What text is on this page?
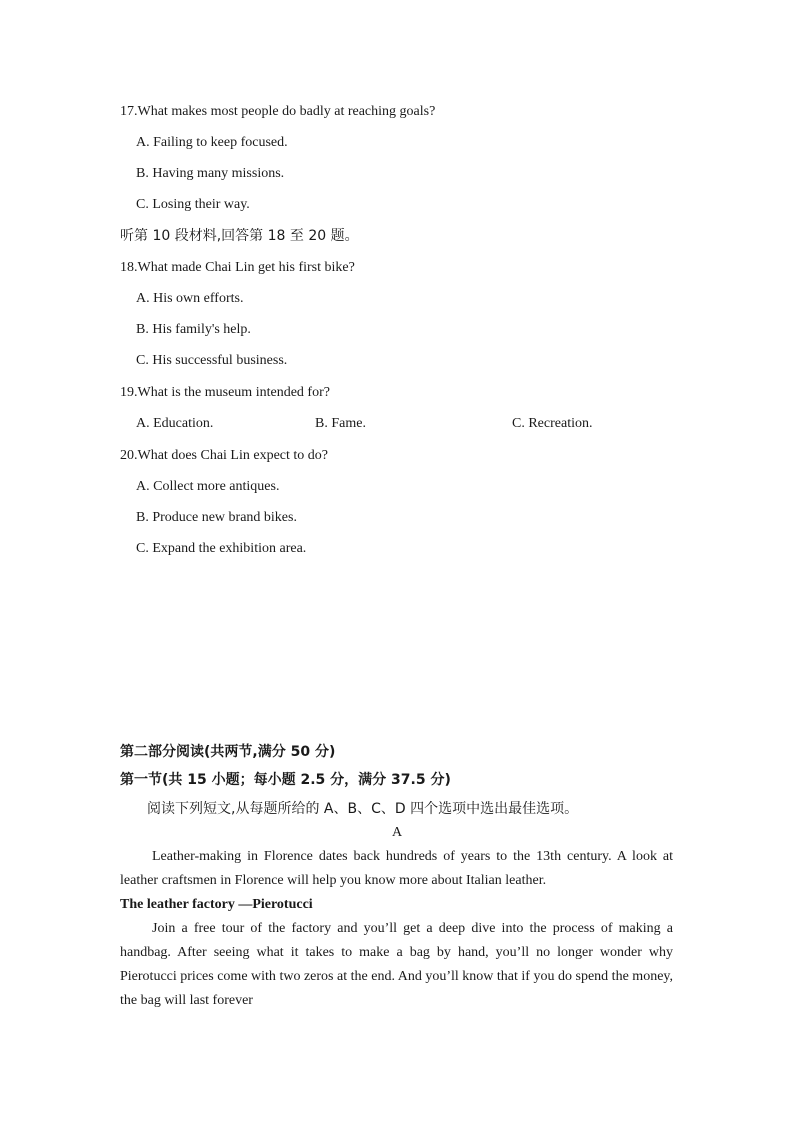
17.What makes most people do badly at reaching goals?
A. Failing to keep focused.
B. Having many missions.
C. Losing their way.
听第 10 段材料,回答第 18 至 20 题。
18.What made Chai Lin get his first bike?
A. His own efforts.
B. His family's help.
C. His successful business.
19.What is the museum intended for?
A. Education.	B. Fame.	C. Recreation.
20.What does Chai Lin expect to do?
A. Collect more antiques.
B. Produce new brand bikes.
C. Expand the exhibition area.
第二部分阅读(共两节,满分 50 分)
第一节(共 15 小题；每小题 2.5 分，满分 37.5 分)
阅读下列短文,从每题所给的 A、B、C、D 四个选项中选出最佳选项。
A
Leather-making in Florence dates back hundreds of years to the 13th century. A look at leather craftsmen in Florence will help you know more about Italian leather.
The leather factory —Pierotucci
Join a free tour of the factory and you’ll get a deep dive into the process of making a handbag. After seeing what it takes to make a bag by hand, you’ll no longer wonder why Pierotucci prices come with two zeros at the end. And you’ll know that if you do spend the money, the bag will last forever
